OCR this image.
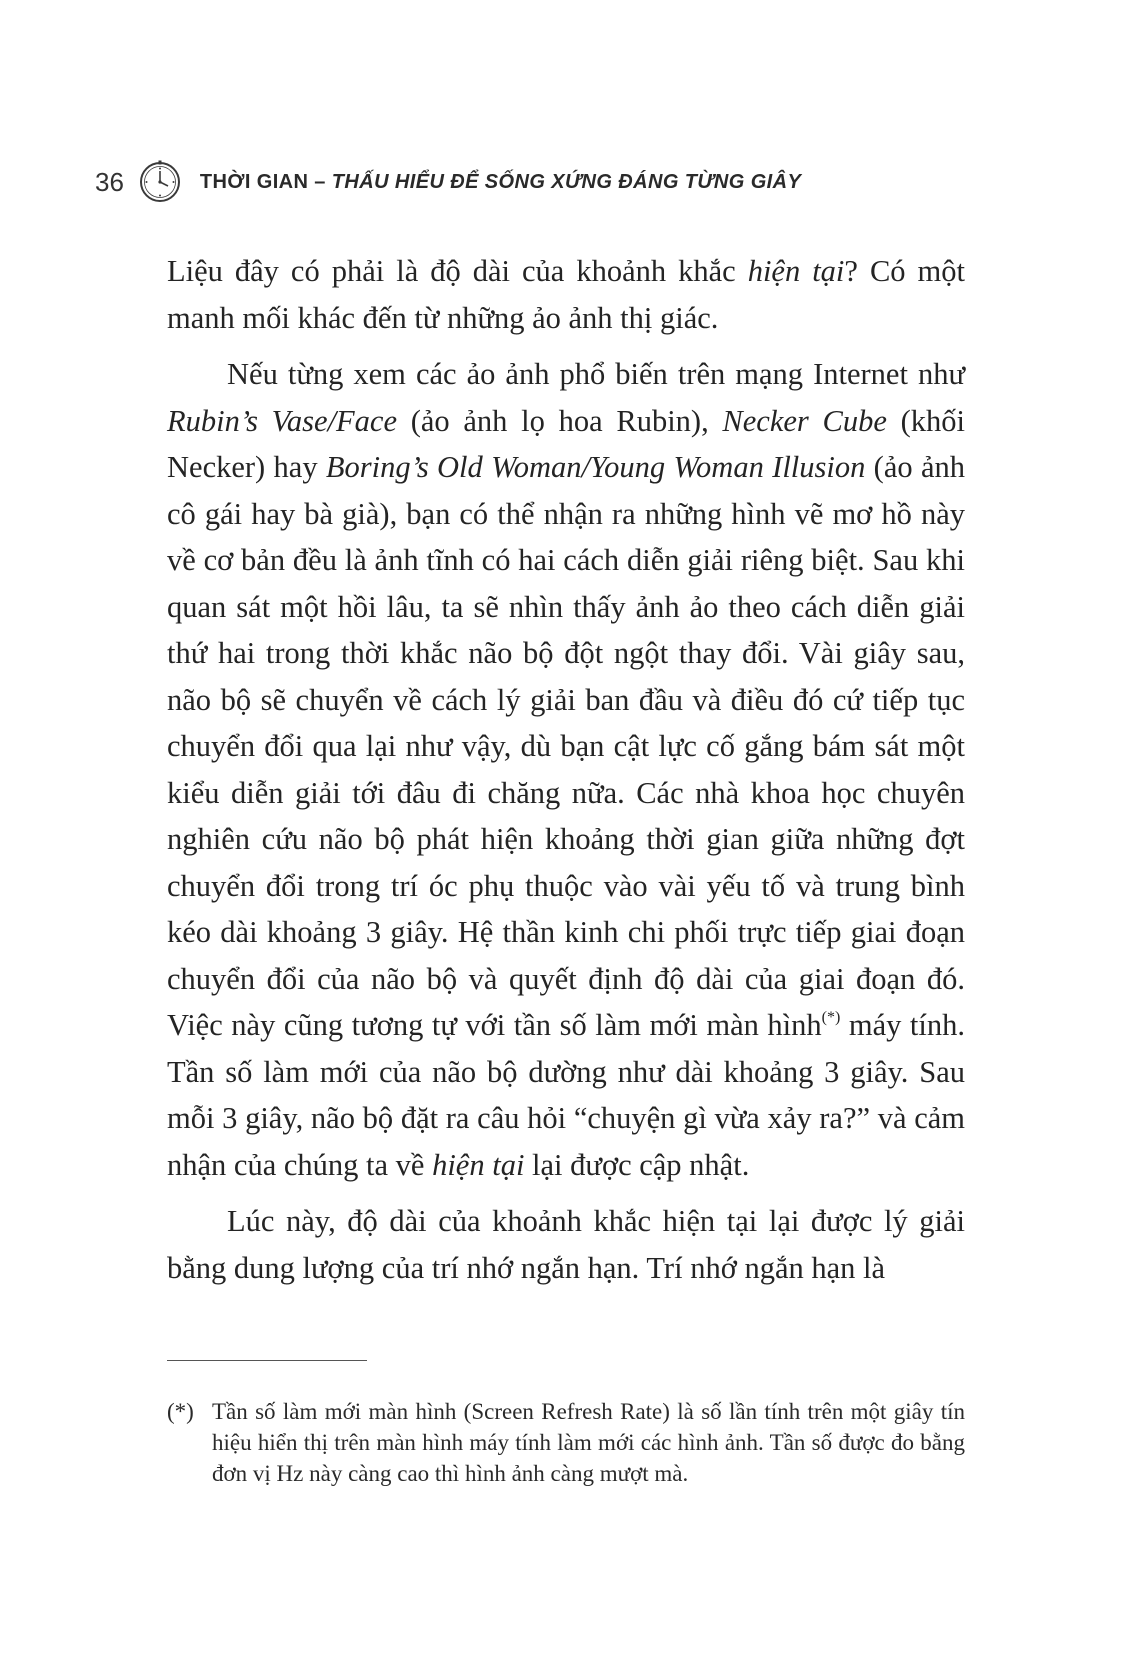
36	THỜI GIAN – THẤU HIỂU ĐỂ SỐNG XỨNG ĐÁNG TỪNG GIÂY

Liệu đây có phải là độ dài của khoảnh khắc hiện tại? Có một manh mối khác đến từ những ảo ảnh thị giác.

Nếu từng xem các ảo ảnh phổ biến trên mạng Internet như Rubin’s Vase/Face (ảo ảnh lọ hoa Rubin), Necker Cube (khối Necker) hay Boring’s Old Woman/Young Woman Illusion (ảo ảnh cô gái hay bà già), bạn có thể nhận ra những hình vẽ mơ hồ này về cơ bản đều là ảnh tĩnh có hai cách diễn giải riêng biệt. Sau khi quan sát một hồi lâu, ta sẽ nhìn thấy ảnh ảo theo cách diễn giải thứ hai trong thời khắc não bộ đột ngột thay đổi. Vài giây sau, não bộ sẽ chuyển về cách lý giải ban đầu và điều đó cứ tiếp tục chuyển đổi qua lại như vậy, dù bạn cật lực cố gắng bám sát một kiểu diễn giải tới đâu đi chăng nữa. Các nhà khoa học chuyên nghiên cứu não bộ phát hiện khoảng thời gian giữa những đợt chuyển đổi trong trí óc phụ thuộc vào vài yếu tố và trung bình kéo dài khoảng 3 giây. Hệ thần kinh chi phối trực tiếp giai đoạn chuyển đổi của não bộ và quyết định độ dài của giai đoạn đó. Việc này cũng tương tự với tần số làm mới màn hình(*) máy tính. Tần số làm mới của não bộ dường như dài khoảng 3 giây. Sau mỗi 3 giây, não bộ đặt ra câu hỏi “chuyện gì vừa xảy ra?” và cảm nhận của chúng ta về hiện tại lại được cập nhật.

Lúc này, độ dài của khoảnh khắc hiện tại lại được lý giải bằng dung lượng của trí nhớ ngắn hạn. Trí nhớ ngắn hạn là

(*) Tần số làm mới màn hình (Screen Refresh Rate) là số lần tính trên một giây tín hiệu hiển thị trên màn hình máy tính làm mới các hình ảnh. Tần số được đo bằng đơn vị Hz này càng cao thì hình ảnh càng mượt mà.
